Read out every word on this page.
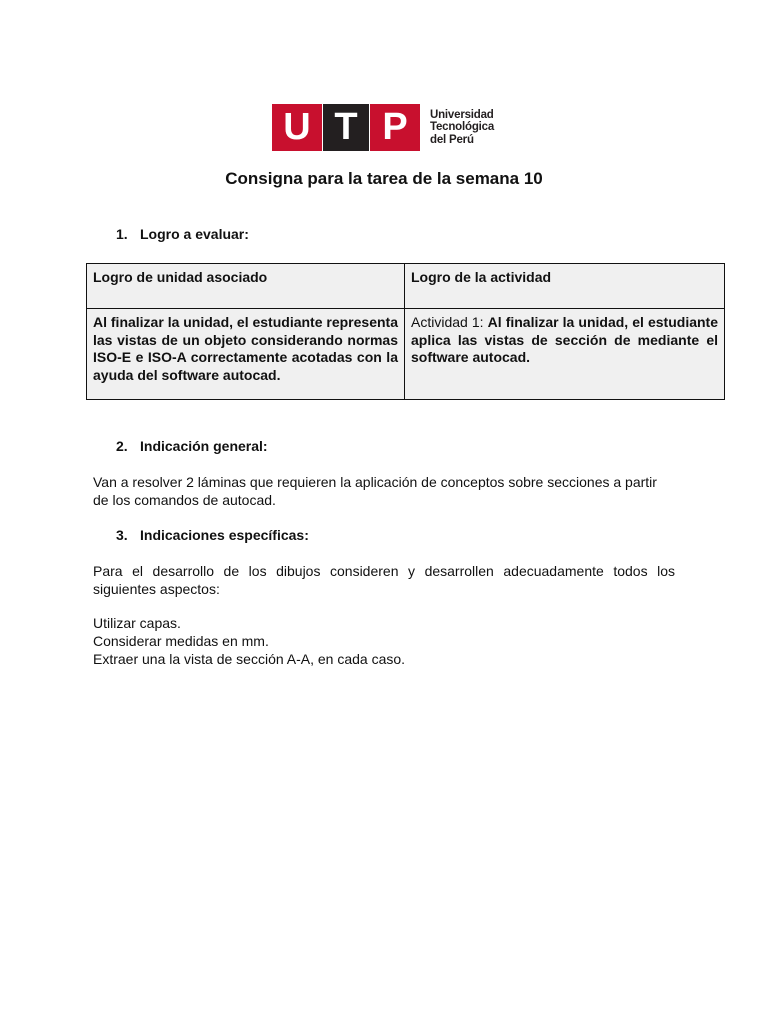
U T P	Universidad
Tecnológica
del Perú
Consigna para la tarea de la semana 10
1. Logro a evaluar:
Logro de unidad asociado	Logro de la actividad
Al finalizar la unidad, el estudiante representa las vistas de un objeto considerando normas ISO-E e ISO-A correctamente acotadas con la ayuda del software autocad.	Actividad 1: Al finalizar la unidad, el estudiante aplica las vistas de sección de mediante el software autocad.
2. Indicación general:
Van a resolver 2 láminas que requieren la aplicación de conceptos sobre secciones a partir de los comandos de autocad.
3. Indicaciones específicas:
Para el desarrollo de los dibujos consideren y desarrollen adecuadamente todos los siguientes aspectos:
Utilizar capas.
Considerar medidas en mm.
Extraer una la vista de sección A-A, en cada caso.
